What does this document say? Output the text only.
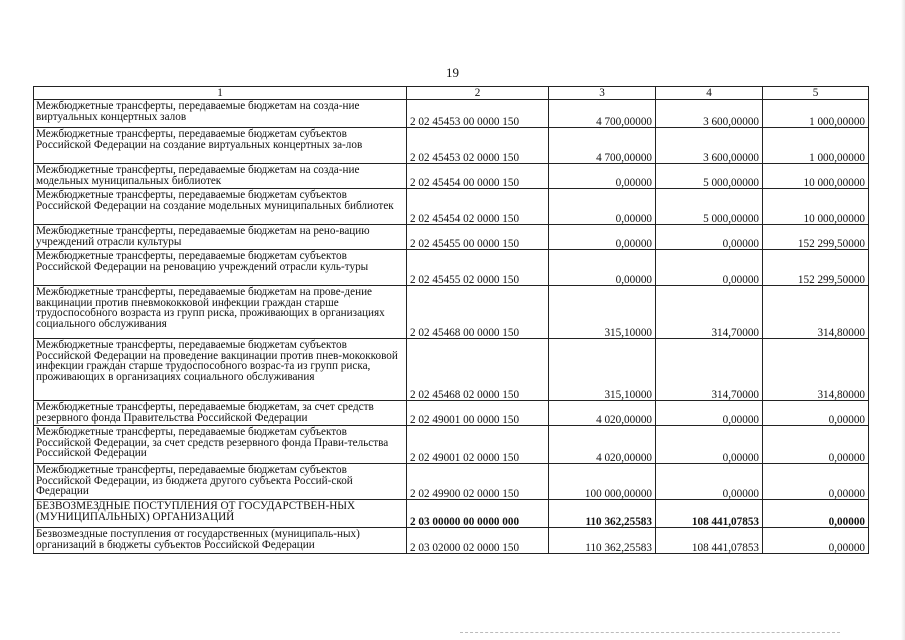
19
1	2	3	4	5
Межбюджетные трансферты, передаваемые бюджетам на созда-ние виртуальных концертных залов	2 02 45453 00 0000 150	4 700,00000	3 600,00000	1 000,00000
Межбюджетные трансферты, передаваемые бюджетам субъектов Российской Федерации на создание виртуальных концертных за-лов	2 02 45453 02 0000 150	4 700,00000	3 600,00000	1 000,00000
Межбюджетные трансферты, передаваемые бюджетам на созда-ние модельных муниципальных библиотек	2 02 45454 00 0000 150	0,00000	5 000,00000	10 000,00000
Межбюджетные трансферты, передаваемые бюджетам субъектов Российской Федерации на создание модельных муниципальных библиотек	2 02 45454 02 0000 150	0,00000	5 000,00000	10 000,00000
Межбюджетные трансферты, передаваемые бюджетам на рено-вацию учреждений отрасли культуры	2 02 45455 00 0000 150	0,00000	0,00000	152 299,50000
Межбюджетные трансферты, передаваемые бюджетам субъектов Российской Федерации на реновацию учреждений отрасли куль-туры	2 02 45455 02 0000 150	0,00000	0,00000	152 299,50000
Межбюджетные трансферты, передаваемые бюджетам на прове-дение вакцинации против пневмококковой инфекции граждан старше трудоспособного возраста из групп риска, проживающих в организациях социального обслуживания	2 02 45468 00 0000 150	315,10000	314,70000	314,80000
Межбюджетные трансферты, передаваемые бюджетам субъектов Российской Федерации на проведение вакцинации против пнев-мококковой инфекции граждан старше трудоспособного возрас-та из групп риска, проживающих в организациях социального обслуживания	2 02 45468 02 0000 150	315,10000	314,70000	314,80000
Межбюджетные трансферты, передаваемые бюджетам, за счет средств резервного фонда Правительства Российской Федерации	2 02 49001 00 0000 150	4 020,00000	0,00000	0,00000
Межбюджетные трансферты, передаваемые бюджетам субъектов Российской Федерации, за счет средств резервного фонда Прави-тельства Российской Федерации	2 02 49001 02 0000 150	4 020,00000	0,00000	0,00000
Межбюджетные трансферты, передаваемые бюджетам субъектов Российской Федерации, из бюджета другого субъекта Россий-ской Федерации	2 02 49900 02 0000 150	100 000,00000	0,00000	0,00000
БЕЗВОЗМЕЗДНЫЕ ПОСТУПЛЕНИЯ ОТ ГОСУДАРСТВЕН-НЫХ (МУНИЦИПАЛЬНЫХ) ОРГАНИЗАЦИЙ	2 03 00000 00 0000 000	110 362,25583	108 441,07853	0,00000
Безвозмездные поступления от государственных (муниципаль-ных) организаций в бюджеты субъектов Российской Федерации	2 03 02000 02 0000 150	110 362,25583	108 441,07853	0,00000
